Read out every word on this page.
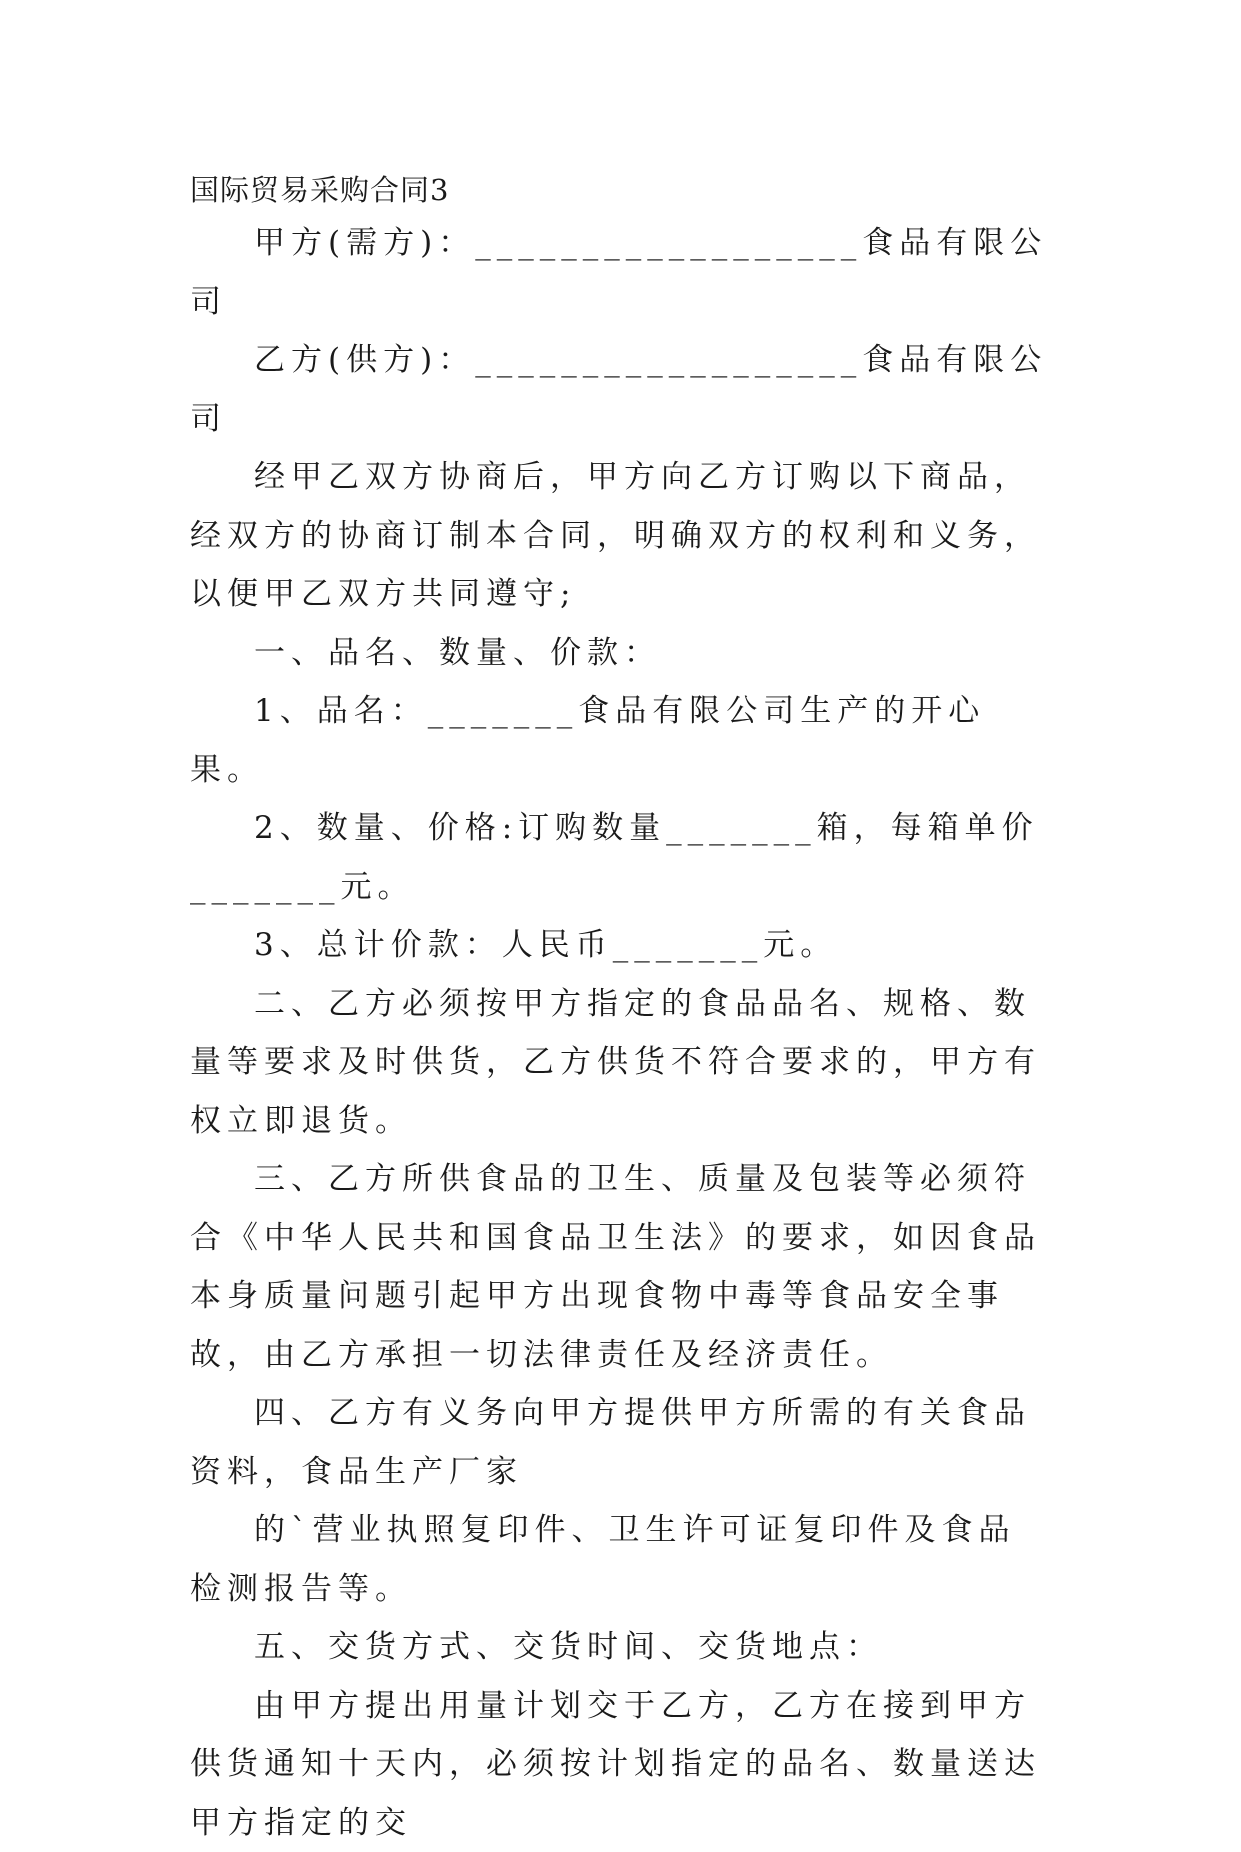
国际贸易采购合同3

甲方(需方)：__________________食品有限公司

乙方(供方)：__________________食品有限公司

经甲乙双方协商后，甲方向乙方订购以下商品，经双方的协商订制本合同，明确双方的权利和义务，以便甲乙双方共同遵守;

一、品名、数量、价款：

1、品名：_______食品有限公司生产的开心果。

2、数量、价格:订购数量_______箱，每箱单价_______元。

3、总计价款：人民币_______元。

二、乙方必须按甲方指定的食品品名、规格、数量等要求及时供货，乙方供货不符合要求的，甲方有权立即退货。

三、乙方所供食品的卫生、质量及包装等必须符合《中华人民共和国食品卫生法》的要求，如因食品本身质量问题引起甲方出现食物中毒等食品安全事故，由乙方承担一切法律责任及经济责任。

四、乙方有义务向甲方提供甲方所需的有关食品资料，食品生产厂家

的`营业执照复印件、卫生许可证复印件及食品检测报告等。

五、交货方式、交货时间、交货地点：

由甲方提出用量计划交于乙方，乙方在接到甲方供货通知十天内，必须按计划指定的品名、数量送达甲方指定的交
